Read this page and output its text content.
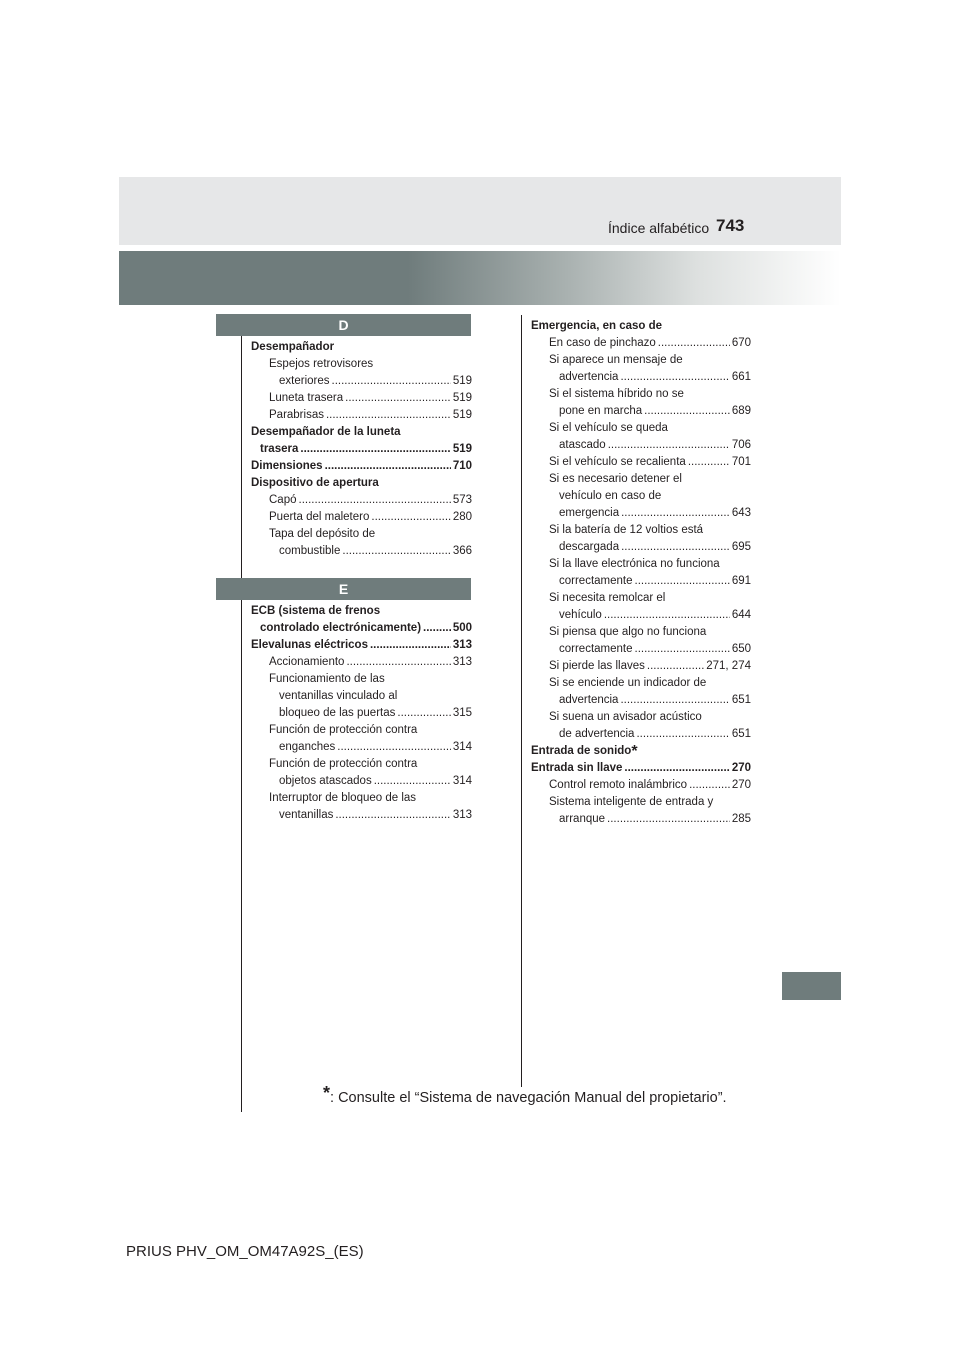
Índice alfabético 743
D
Desempañador
Espejos retrovisores
exteriores .....	519
Luneta trasera .....	519
Parabrisas .....	519
Desempañador de la luneta
trasera .....	519
Dimensiones .....	710
Dispositivo de apertura
Capó .....	573
Puerta del maletero .....	280
Tapa del depósito de
combustible .....	366
E
ECB (sistema de frenos
controlado electrónicamente) .....	500
Elevalunas eléctricos .....	313
Accionamiento .....	313
Funcionamiento de las
ventanillas vinculado al
bloqueo de las puertas .....	315
Función de protección contra
enganches .....	314
Función de protección contra
objetos atascados .....	314
Interruptor de bloqueo de las
ventanillas .....	313
Emergencia, en caso de
En caso de pinchazo .....	670
Si aparece un mensaje de
advertencia .....	661
Si el sistema híbrido no se
pone en marcha .....	689
Si el vehículo se queda
atascado .....	706
Si el vehículo se recalienta .....	701
Si es necesario detener el
vehículo en caso de
emergencia .....	643
Si la batería de 12 voltios está
descargada .....	695
Si la llave electrónica no funciona
correctamente .....	691
Si necesita remolcar el
vehículo .....	644
Si piensa que algo no funciona
correctamente .....	650
Si pierde las llaves .....	271, 274
Si se enciende un indicador de
advertencia .....	651
Si suena un avisador acústico
de advertencia .....	651
Entrada de sonido *
Entrada sin llave .....	270
Control remoto inalámbrico .....	270
Sistema inteligente de entrada y
arranque .....	285
*: Consulte el “Sistema de navegación Manual del propietario”.
PRIUS PHV_OM_OM47A92S_(ES)
